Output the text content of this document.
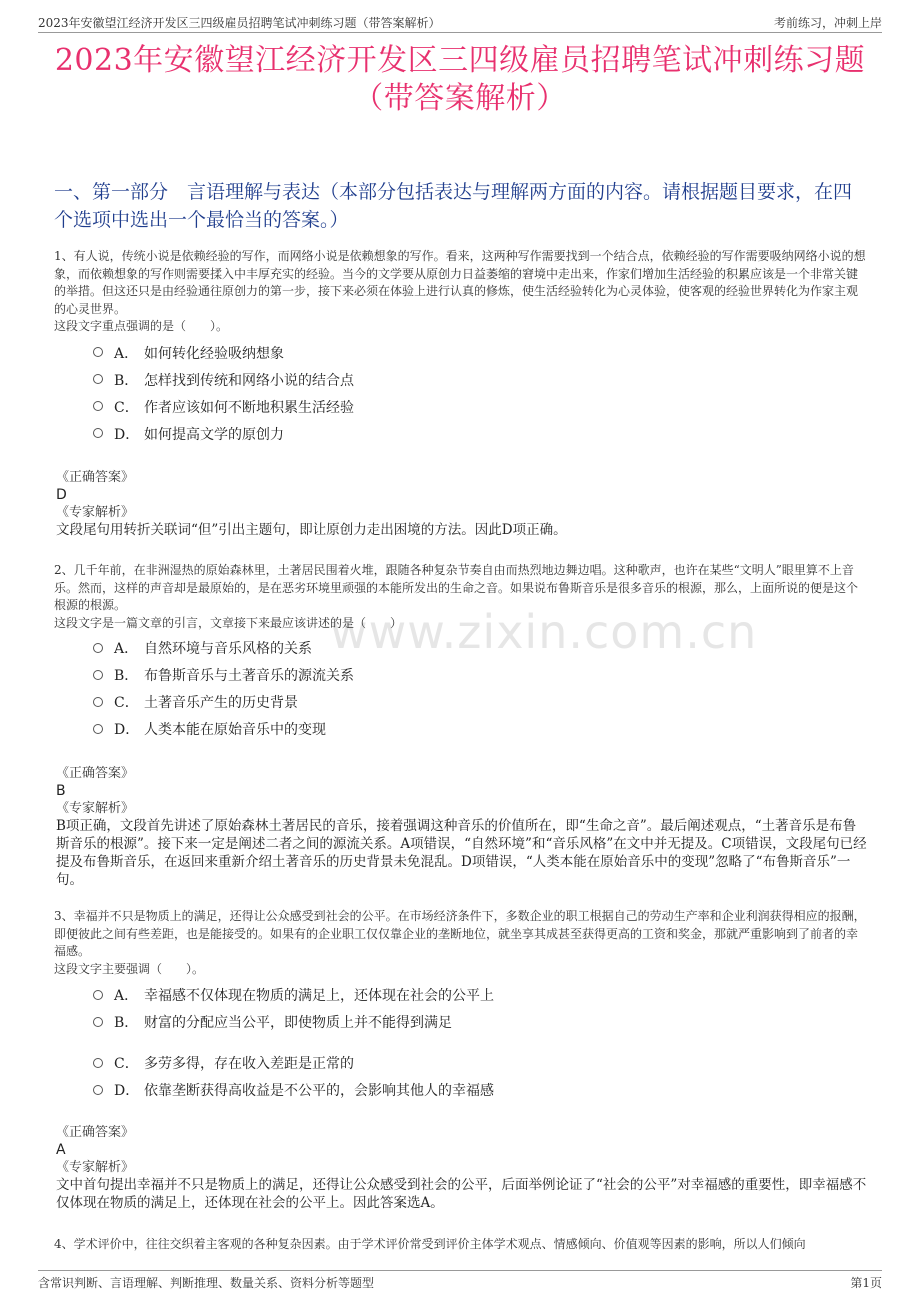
2023年安徽望江经济开发区三四级雇员招聘笔试冲刺练习题（带答案解析）	考前练习，冲刺上岸
2023年安徽望江经济开发区三四级雇员招聘笔试冲刺练习题
（带答案解析）
一、第一部分　言语理解与表达（本部分包括表达与理解两方面的内容。请根据题目要求，在四个选项中选出一个最恰当的答案。）
www.zixin.com.cn

1、有人说，传统小说是依赖经验的写作，而网络小说是依赖想象的写作。看来，这两种写作需要找到一个结合点，依赖经验的写作需要吸纳网络小说的想象，而依赖想象的写作则需要揉入中丰厚充实的经验。当今的文学要从原创力日益萎缩的窘境中走出来，作家们增加生活经验的积累应该是一个非常关键的举措。但这还只是由经验通往原创力的第一步，接下来必须在体验上进行认真的修炼，使生活经验转化为心灵体验，使客观的经验世界转化为作家主观的心灵世界。

这段文字重点强调的是（　　）。

A． 如何转化经验吸纳想象
B． 怎样找到传统和网络小说的结合点
C． 作者应该如何不断地积累生活经验
D． 如何提高文学的原创力

《正确答案》

D

《专家解析》

文段尾句用转折关联词“但”引出主题句，即让原创力走出困境的方法。因此D项正确。

2、几千年前，在非洲湿热的原始森林里，土著居民围着火堆，跟随各种复杂节奏自由而热烈地边舞边唱。这种歌声，也许在某些“文明人”眼里算不上音乐。然而，这样的声音却是最原始的，是在恶劣环境里顽强的本能所发出的生命之音。如果说布鲁斯音乐是很多音乐的根源，那么，上面所说的便是这个根源的根源。

这段文字是一篇文章的引言，文章接下来最应该讲述的是（　　）

A． 自然环境与音乐风格的关系
B． 布鲁斯音乐与土著音乐的源流关系
C． 土著音乐产生的历史背景
D． 人类本能在原始音乐中的变现

《正确答案》

B

《专家解析》

B项正确，文段首先讲述了原始森林土著居民的音乐，接着强调这种音乐的价值所在，即“生命之音”。最后阐述观点，“土著音乐是布鲁斯音乐的根源”。接下来一定是阐述二者之间的源流关系。A项错误，“自然环境”和“音乐风格”在文中并无提及。C项错误，文段尾句已经提及布鲁斯音乐，在返回来重新介绍土著音乐的历史背景未免混乱。D项错误，“人类本能在原始音乐中的变现”忽略了“布鲁斯音乐”一句。

3、幸福并不只是物质上的满足，还得让公众感受到社会的公平。在市场经济条件下，多数企业的职工根据自己的劳动生产率和企业利润获得相应的报酬，即便彼此之间有些差距，也是能接受的。如果有的企业职工仅仅靠企业的垄断地位，就坐享其成甚至获得更高的工资和奖金，那就严重影响到了前者的幸福感。

这段文字主要强调（　　）。

A． 幸福感不仅体现在物质的满足上，还体现在社会的公平上
B． 财富的分配应当公平，即使物质上并不能得到满足
C． 多劳多得，存在收入差距是正常的
D． 依靠垄断获得高收益是不公平的，会影响其他人的幸福感

《正确答案》

A

《专家解析》

文中首句提出幸福并不只是物质上的满足，还得让公众感受到社会的公平，后面举例论证了“社会的公平”对幸福感的重要性，即幸福感不仅体现在物质的满足上，还体现在社会的公平上。因此答案选A。

4、学术评价中，往往交织着主客观的各种复杂因素。由于学术评价常受到评价主体学术观点、情感倾向、价值观等因素的影响，所以人们倾向

含常识判断、言语理解、判断推理、数量关系、资料分析等题型	第1页
